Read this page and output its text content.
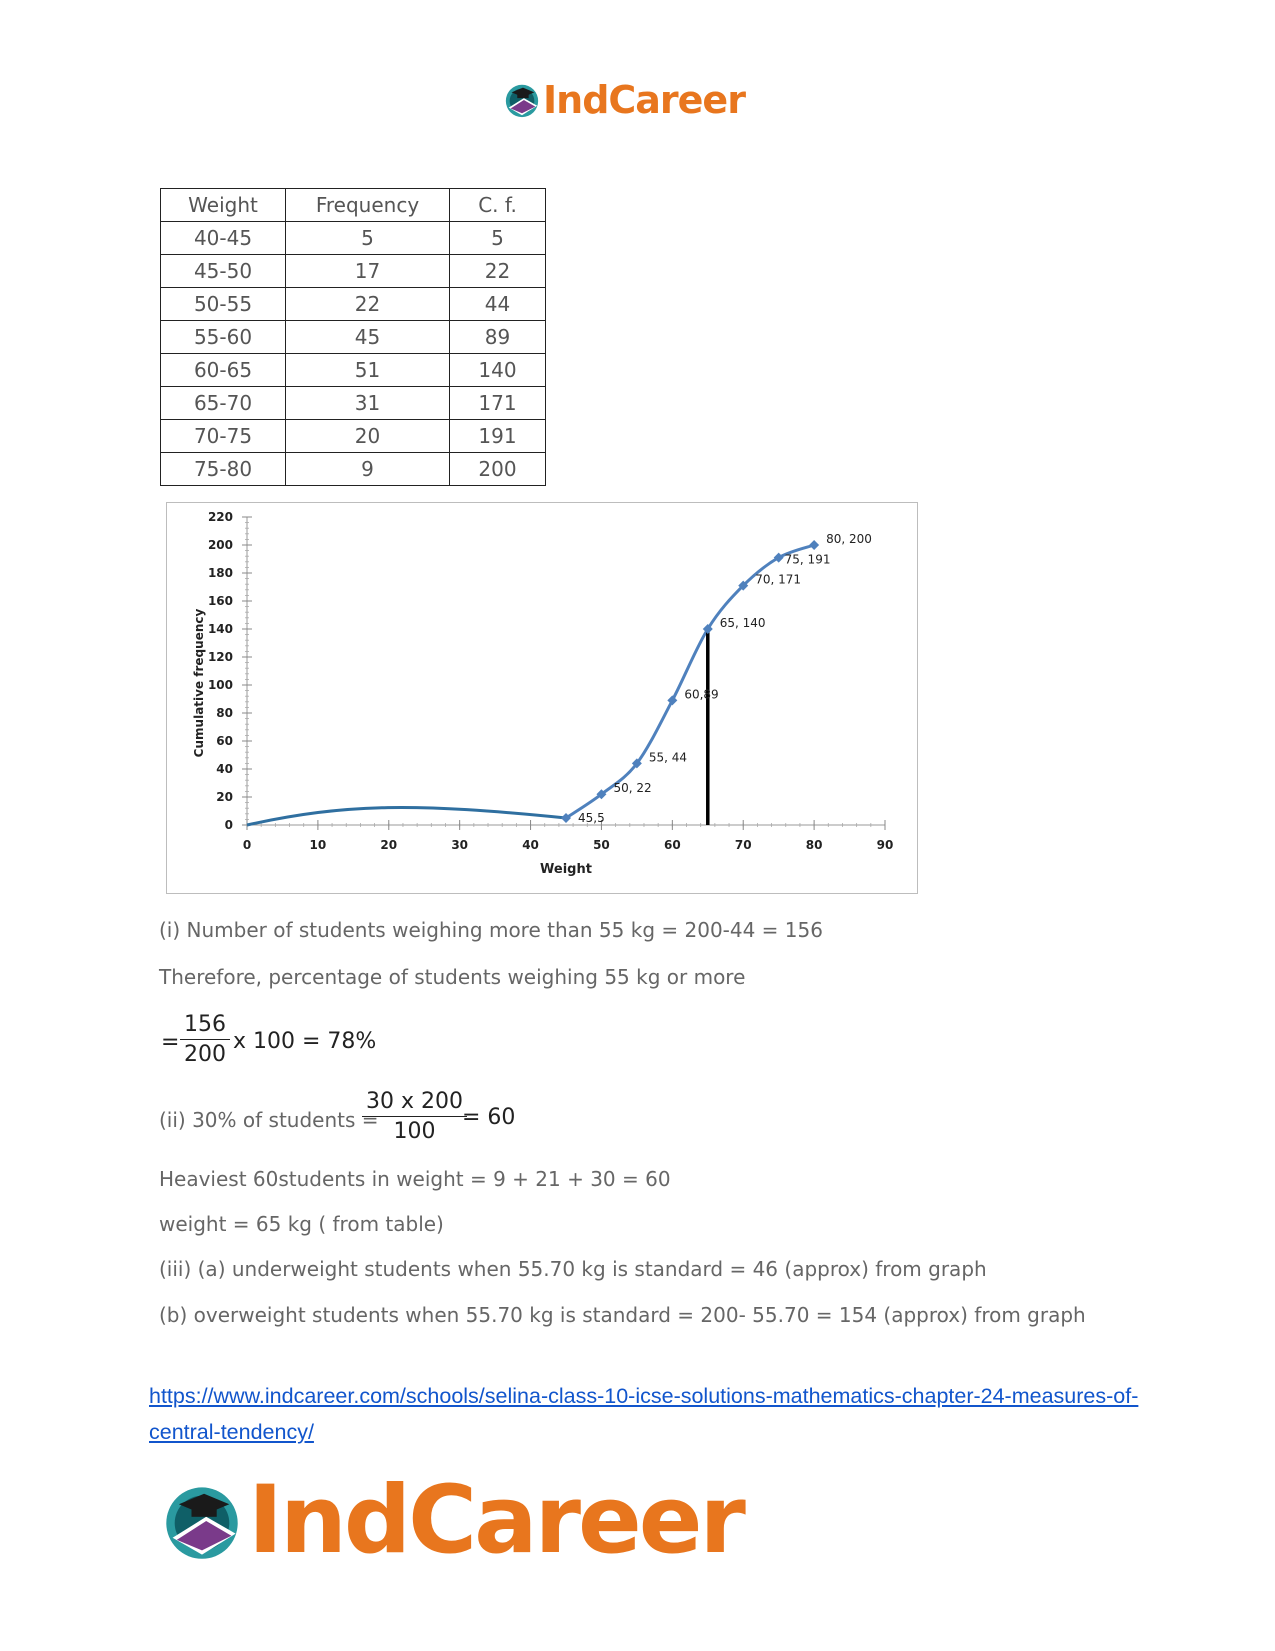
IndCareer
Weight	Frequency	C. f.
40-45	5	5
45-50	17	22
50-55	22	44
55-60	45	89
60-65	51	140
65-70	31	171
70-75	20	191
75-80	9	200
0
20
40
60
80
100
120
140
160
180
200
220
0	10	20	30	40	50	60	70	80	90
Weight
Cumulative frequency
45,5
50, 22
55, 44
60,89
65, 140
70, 171
75, 191
80, 200
(i) Number of students weighing more than 55 kg = 200-44 = 156
Therefore, percentage of students weighing 55 kg or more
= $\frac{156}{200}$ x 100 = 78%
(ii) 30% of students =
$\frac{30 x 200}{100}$
= 60
Heaviest 60students in weight = 9 + 21 + 30 = 60
weight = 65 kg ( from table)
(iii) (a) underweight students when 55.70 kg is standard = 46 (approx) from graph
(b) overweight students when 55.70 kg is standard = 200- 55.70 = 154 (approx) from graph
https://www.indcareer.com/schools/selina-class-10-icse-solutions-mathematics-chapter-24-measures-of-central-tendency/
IndCareer
